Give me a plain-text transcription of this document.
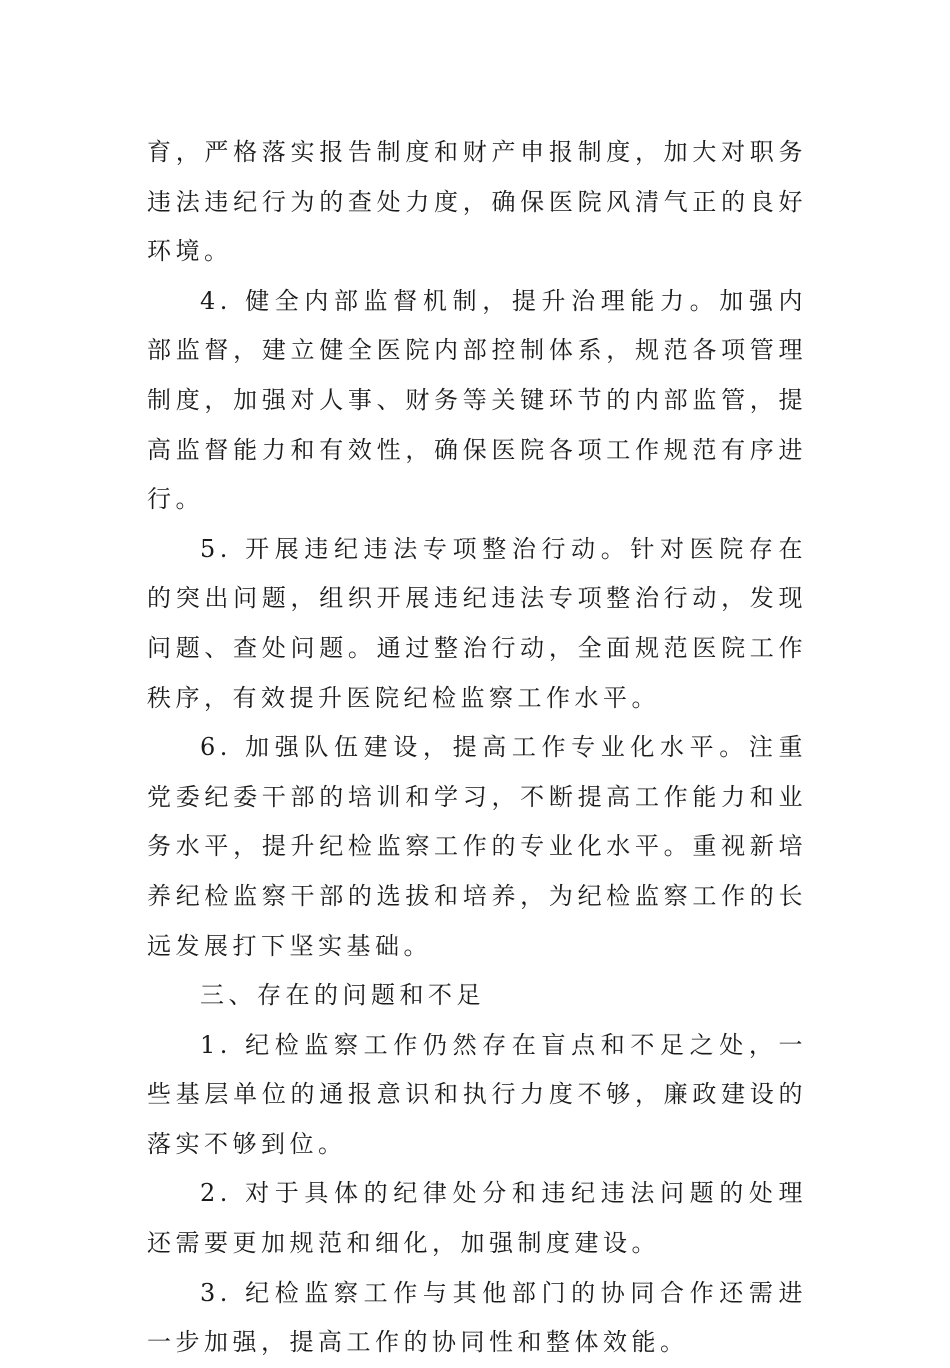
育，严格落实报告制度和财产申报制度，加大对职务违法违纪行为的查处力度，确保医院风清气正的良好环境。

4. 健全内部监督机制，提升治理能力。加强内部监督，建立健全医院内部控制体系，规范各项管理制度，加强对人事、财务等关键环节的内部监管，提高监督能力和有效性，确保医院各项工作规范有序进行。

5. 开展违纪违法专项整治行动。针对医院存在的突出问题，组织开展违纪违法专项整治行动，发现问题、查处问题。通过整治行动，全面规范医院工作秩序，有效提升医院纪检监察工作水平。

6. 加强队伍建设，提高工作专业化水平。注重党委纪委干部的培训和学习，不断提高工作能力和业务水平，提升纪检监察工作的专业化水平。重视新培养纪检监察干部的选拔和培养，为纪检监察工作的长远发展打下坚实基础。

三、存在的问题和不足

1. 纪检监察工作仍然存在盲点和不足之处，一些基层单位的通报意识和执行力度不够，廉政建设的落实不够到位。

2. 对于具体的纪律处分和违纪违法问题的处理还需要更加规范和细化，加强制度建设。

3. 纪检监察工作与其他部门的协同合作还需进一步加强，提高工作的协同性和整体效能。
